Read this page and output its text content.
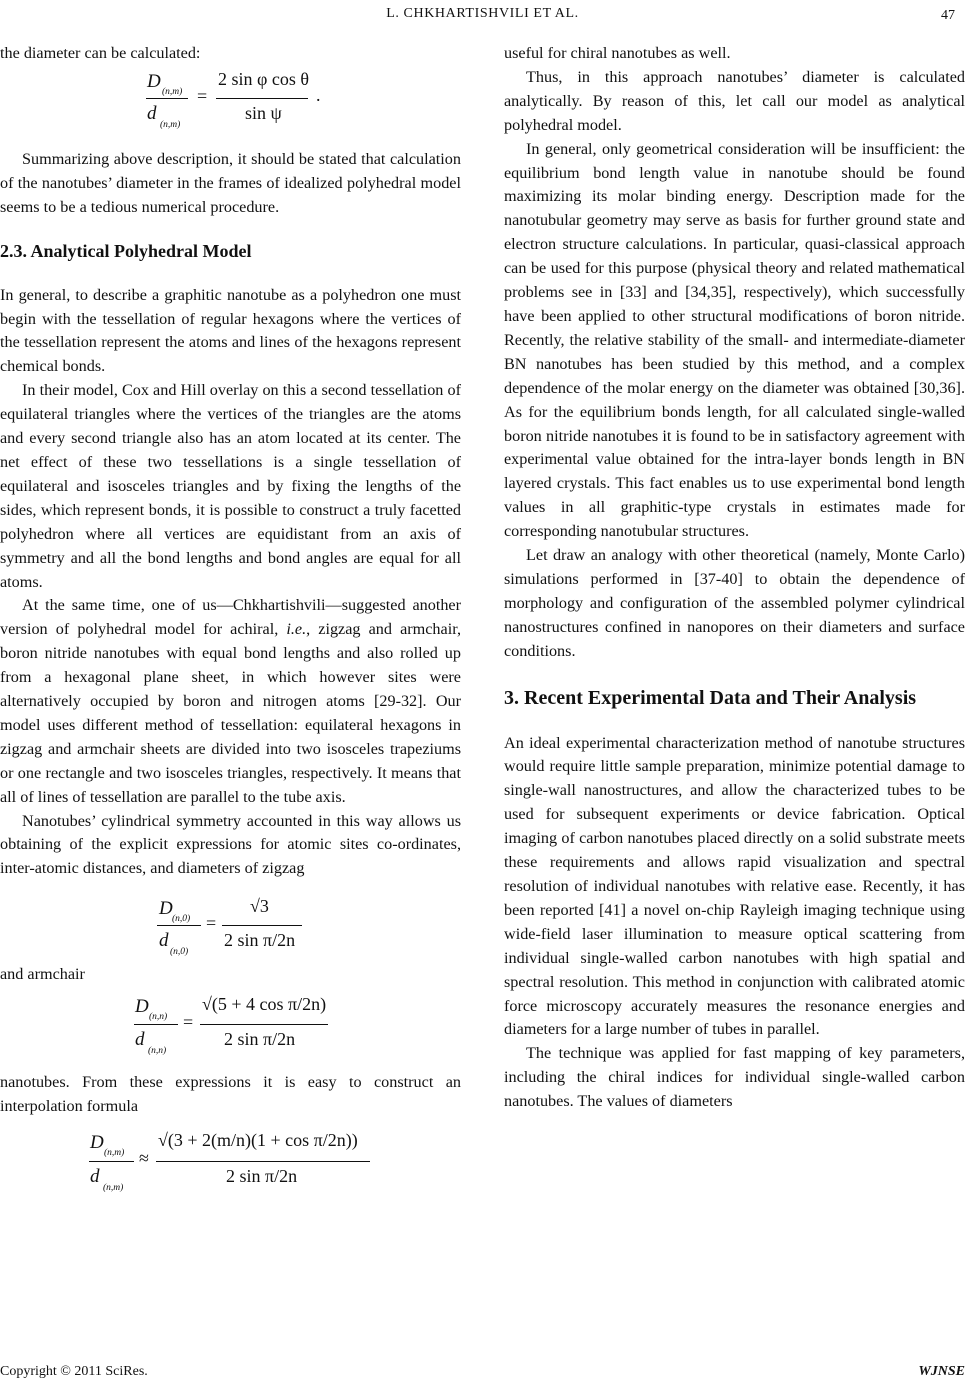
L. CHKHARTISHVILI ET AL.	47

the diameter can be calculated:

D (n,m)
d
(n,m)
=
2 sin φ cos θ
sin ψ
.

Summarizing above description, it should be stated that calculation of the nanotubes’ diameter in the frames of idealized polyhedral model seems to be a tedious numerical procedure.

2.3. Analytical Polyhedral Model

In general, to describe a graphitic nanotube as a polyhedron one must begin with the tessellation of regular hexagons where the vertices of the tessellation represent the atoms and lines of the hexagons represent chemical bonds.

In their model, Cox and Hill overlay on this a second tessellation of equilateral triangles where the vertices of the triangles are the atoms and every second triangle also has an atom located at its center. The net effect of these two tessellations is a single tessellation of equilateral and isosceles triangles and by fixing the lengths of the sides, which represent bonds, it is possible to construct a truly facetted polyhedron where all vertices are equidistant from an axis of symmetry and all the bond lengths and bond angles are equal for all atoms.

At the same time, one of us—Chkhartishvili—suggested another version of polyhedral model for achiral, i.e., zigzag and armchair, boron nitride nanotubes with equal bond lengths and also rolled up from a hexagonal plane sheet, in which however sites were alternatively occupied by boron and nitrogen atoms [29-32]. Our model uses different method of tessellation: equilateral hexagons in zigzag and armchair sheets are divided into two isosceles trapeziums or one rectangle and two isosceles triangles, respectively. It means that all of lines of tessellation are parallel to the tube axis.

Nanotubes’ cylindrical symmetry accounted in this way allows us obtaining of the explicit expressions for atomic sites co-ordinates, inter-atomic distances, and diameters of zigzag

D (n,0)
d
(n,0)
=
√3
2 sin π/2n

and armchair

D (n,n)
d
(n,n)
=
√(5 + 4 cos π/2n)
2 sin π/2n

nanotubes. From these expressions it is easy to construct an interpolation formula

D (n,m)
d
(n,m)
≈
√(3 + 2(m/n)(1 + cos π/2n))
2 sin π/2n

useful for chiral nanotubes as well.

Thus, in this approach nanotubes’ diameter is calculated analytically. By reason of this, let call our model as analytical polyhedral model.

In general, only geometrical consideration will be insufficient: the equilibrium bond length value in nanotube should be found maximizing its molar binding energy. Description made for the nanotubular geometry may serve as basis for further ground state and electron structure calculations. In particular, quasi-classical approach can be used for this purpose (physical theory and related mathematical problems see in [33] and [34,35], respectively), which successfully have been applied to other structural modifications of boron nitride. Recently, the relative stability of the small- and intermediate-diameter BN nanotubes has been studied by this method, and a complex dependence of the molar energy on the diameter was obtained [30,36]. As for the equilibrium bonds length, for all calculated single-walled boron nitride nanotubes it is found to be in satisfactory agreement with experimental value obtained for the intra-layer bonds length in BN layered crystals. This fact enables us to use experimental bond length values in all graphitic-type crystals in estimates made for corresponding nanotubular structures.

Let draw an analogy with other theoretical (namely, Monte Carlo) simulations performed in [37-40] to obtain the dependence of morphology and configuration of the assembled polymer cylindrical nanostructures confined in nanopores on their diameters and surface conditions.

3. Recent Experimental Data and Their Analysis

An ideal experimental characterization method of nanotube structures would require little sample preparation, minimize potential damage to single-wall nanostructures, and allow the characterized tubes to be used for subsequent experiments or device fabrication. Optical imaging of carbon nanotubes placed directly on a solid substrate meets these requirements and allows rapid visualization and spectral resolution of individual nanotubes with relative ease. Recently, it has been reported [41] a novel on-chip Rayleigh imaging technique using wide-field laser illumination to measure optical scattering from individual single-walled carbon nanotubes with high spatial and spectral resolution. This method in conjunction with calibrated atomic force microscopy accurately measures the resonance energies and diameters for a large number of tubes in parallel.

The technique was applied for fast mapping of key parameters, including the chiral indices for individual single-walled carbon nanotubes. The values of diameters

Copyright © 2011 SciRes.	WJNSE
